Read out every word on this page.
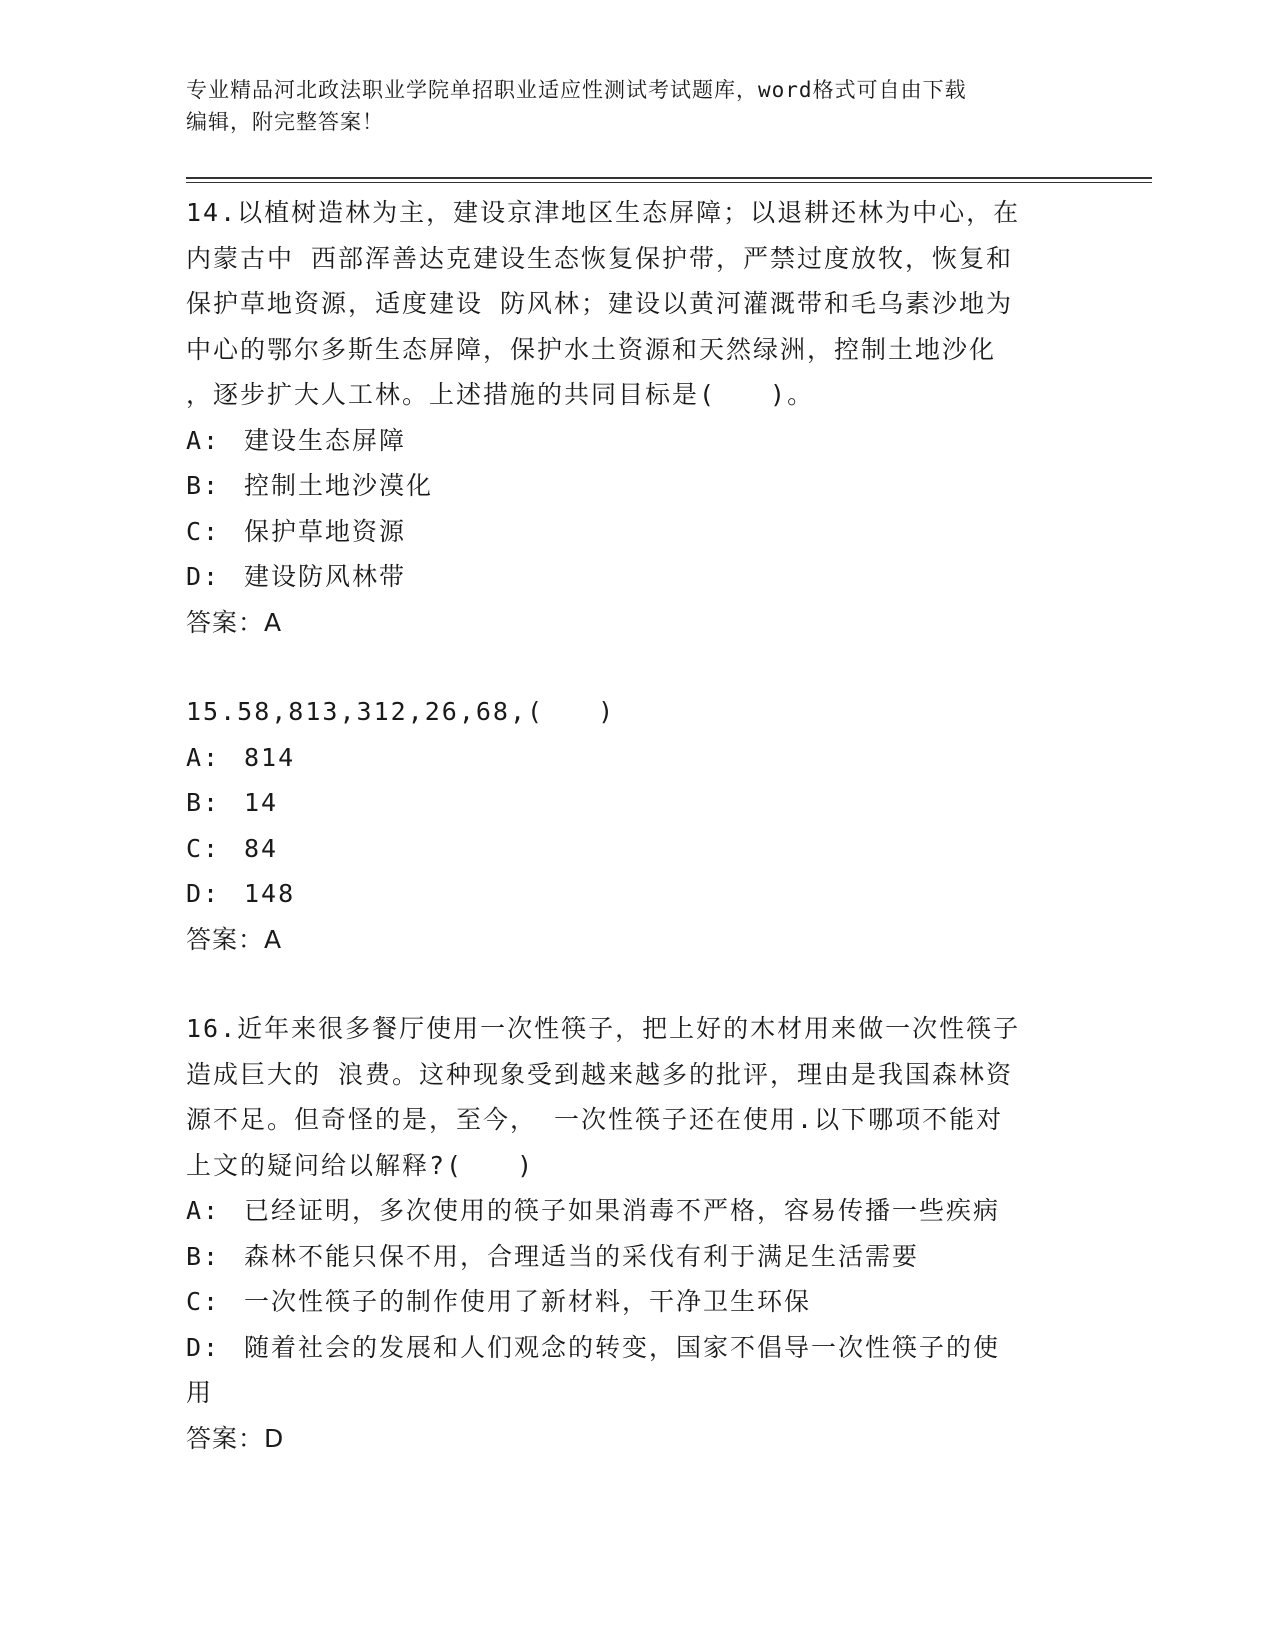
专业精品河北政法职业学院单招职业适应性测试考试题库，word格式可自由下载
编辑，附完整答案！
14.以植树造林为主，建设京津地区生态屏障；以退耕还林为中心，在
内蒙古中 西部浑善达克建设生态恢复保护带，严禁过度放牧，恢复和
保护草地资源，适度建设 防风林；建设以黄河灌溉带和毛乌素沙地为
中心的鄂尔多斯生态屏障，保护水土资源和天然绿洲，控制土地沙化
，逐步扩大人工林。上述措施的共同目标是(　　)。
A: 建设生态屏障
B: 控制土地沙漠化
C: 保护草地资源
D: 建设防风林带
答案：A
15.58,813,312,26,68,(　　)
A: 814
B: 14
C: 84
D: 148
答案：A
16.近年来很多餐厅使用一次性筷子，把上好的木材用来做一次性筷子
造成巨大的 浪费。这种现象受到越来越多的批评，理由是我国森林资
源不足。但奇怪的是，至今， 一次性筷子还在使用.以下哪项不能对
上文的疑问给以解释?(　　)
A: 已经证明，多次使用的筷子如果消毒不严格，容易传播一些疾病
B: 森林不能只保不用，合理适当的采伐有利于满足生活需要
C: 一次性筷子的制作使用了新材料，干净卫生环保
D: 随着社会的发展和人们观念的转变，国家不倡导一次性筷子的使
用
答案：D
